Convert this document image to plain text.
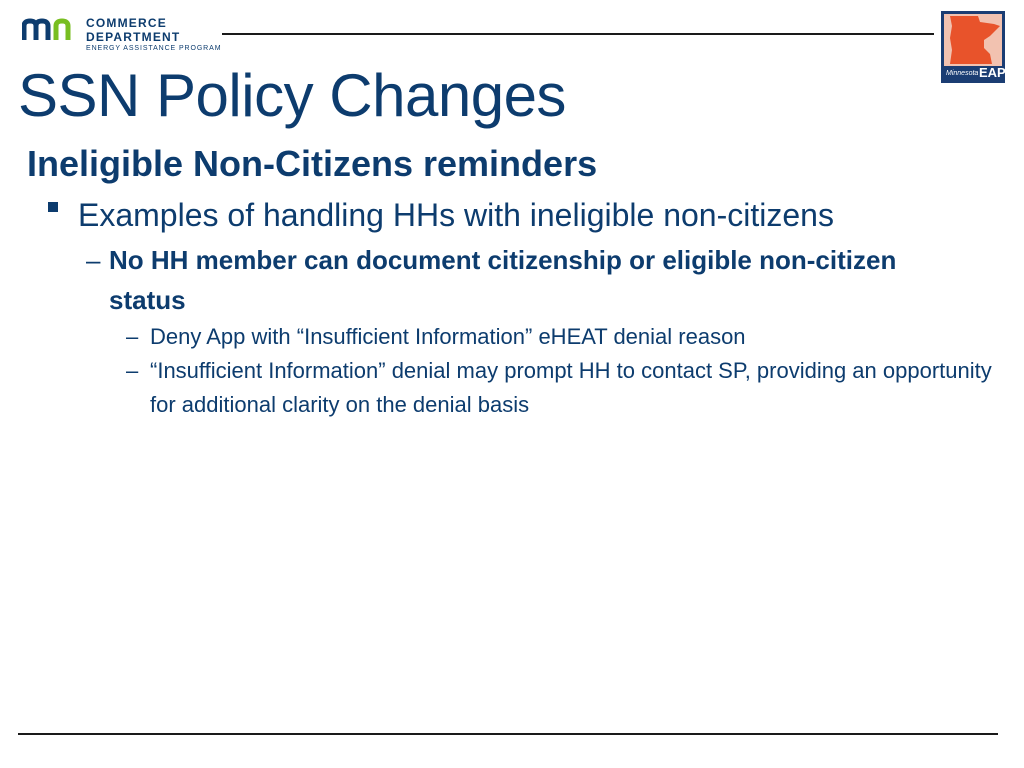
COMMERCE
DEPARTMENT
ENERGY ASSISTANCE PROGRAM
Minnesota EAP
SSN Policy Changes
Ineligible Non-Citizens reminders
Examples of handling HHs with ineligible non-citizens
– No HH member can document citizenship or eligible non-citizen status
– Deny App with “Insufficient Information” eHEAT denial reason
– “Insufficient Information” denial may prompt HH to contact SP, providing an opportunity for additional clarity on the denial basis
